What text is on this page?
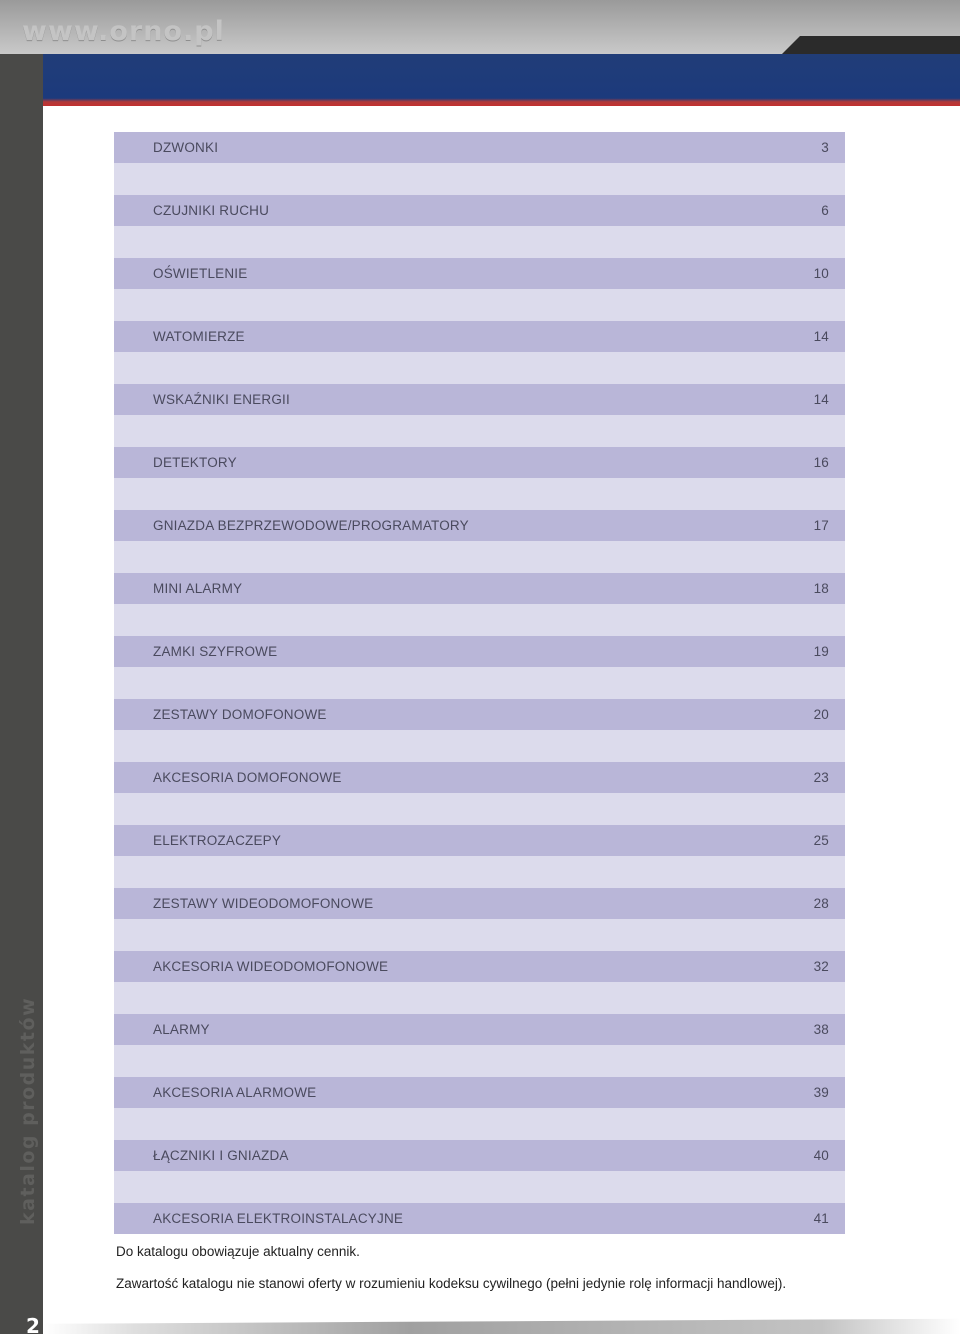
www.orno.pl
katalog produktów
DZWONKI	3
CZUJNIKI RUCHU	6
OŚWIETLENIE	10
WATOMIERZE	14
WSKAŹNIKI ENERGII	14
DETEKTORY	16
GNIAZDA BEZPRZEWODOWE/PROGRAMATORY	17
MINI ALARMY	18
ZAMKI SZYFROWE	19
ZESTAWY DOMOFONOWE	20
AKCESORIA DOMOFONOWE	23
ELEKTROZACZEPY	25
ZESTAWY WIDEODOMOFONOWE	28
AKCESORIA WIDEODOMOFONOWE	32
ALARMY	38
AKCESORIA ALARMOWE	39
ŁĄCZNIKI I GNIAZDA	40
AKCESORIA ELEKTROINSTALACYJNE	41
Do katalogu obowiązuje aktualny cennik.
Zawartość katalogu nie stanowi oferty w rozumieniu kodeksu cywilnego (pełni jedynie rolę informacji handlowej).
2
